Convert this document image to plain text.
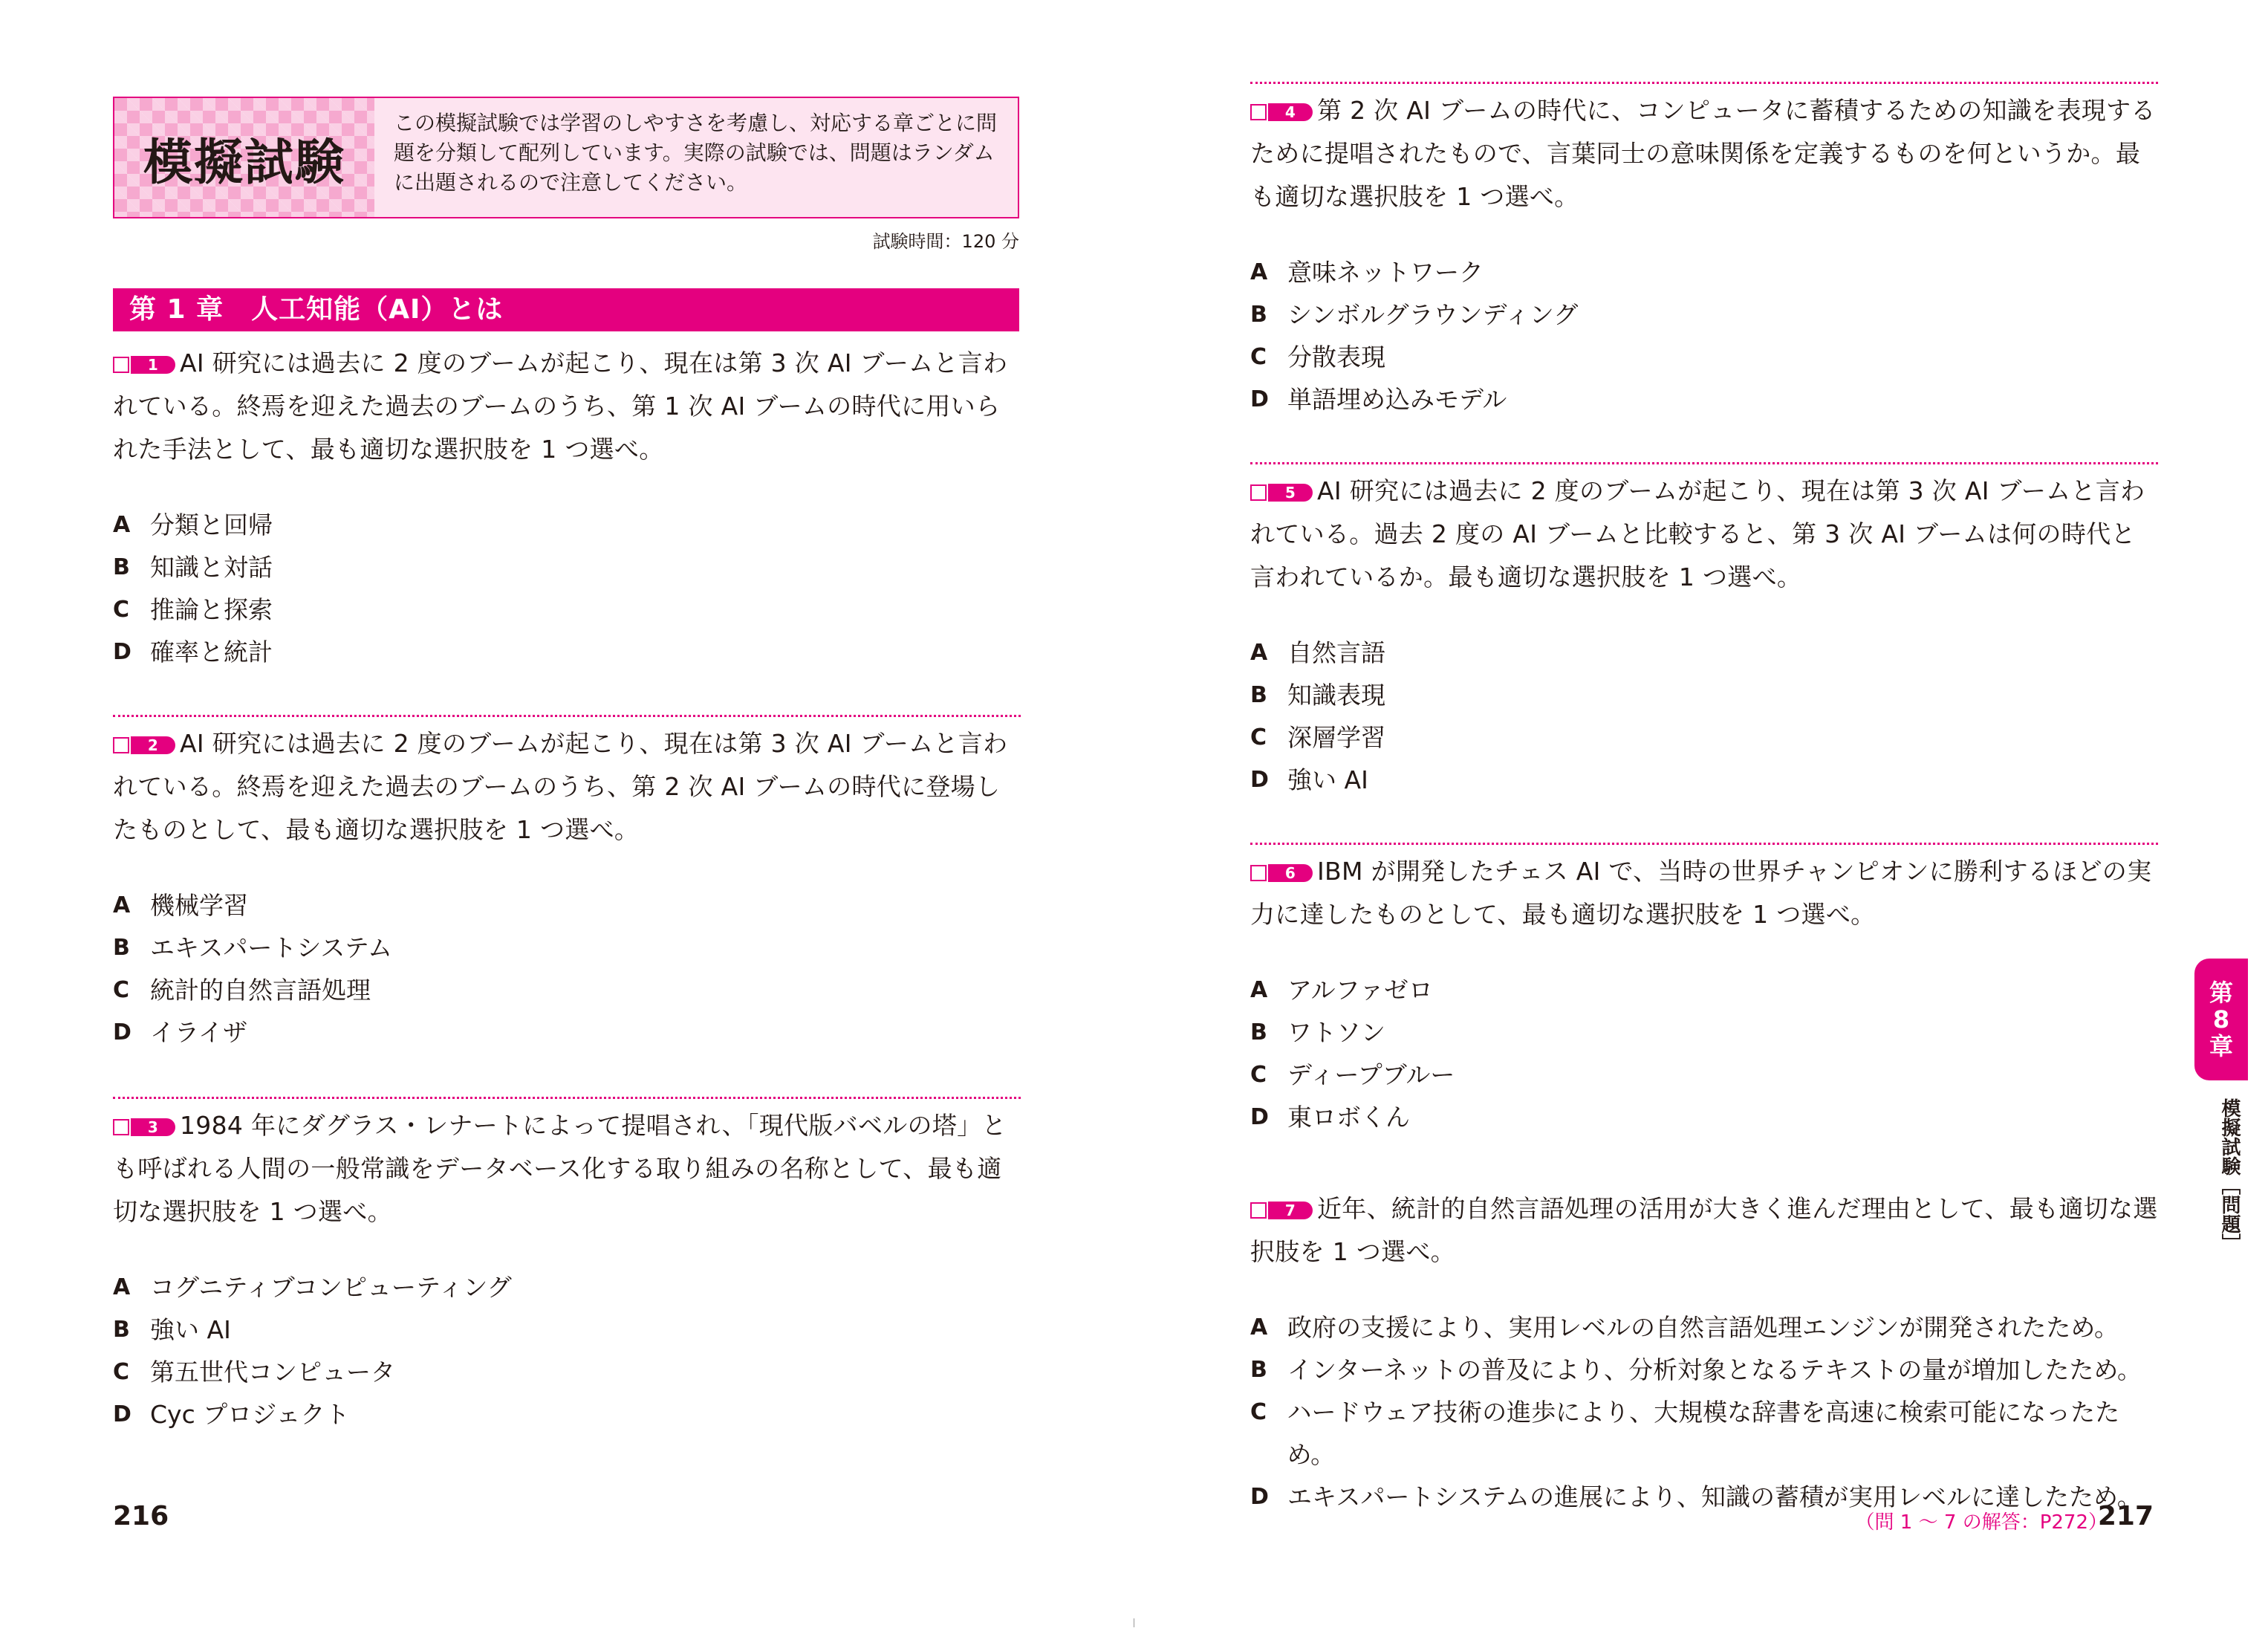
模擬試験
この模擬試験では学習のしやすさを考慮し、対応する章ごとに問題を分類して配列しています。実際の試験では、問題はランダムに出題されるので注意してください。
試験時間：120 分
第 1 章　人工知能（AI）とは

1 AI 研究には過去に 2 度のブームが起こり、現在は第 3 次 AI ブームと言われている。終焉を迎えた過去のブームのうち、第 1 次 AI ブームの時代に用いられた手法として、最も適切な選択肢を 1 つ選べ。

A 分類と回帰
B 知識と対話
C 推論と探索
D 確率と統計

2 AI 研究には過去に 2 度のブームが起こり、現在は第 3 次 AI ブームと言われている。終焉を迎えた過去のブームのうち、第 2 次 AI ブームの時代に登場したものとして、最も適切な選択肢を 1 つ選べ。

A 機械学習
B エキスパートシステム
C 統計的自然言語処理
D イライザ

3 1984 年にダグラス・レナートによって提唱され、「現代版バベルの塔」とも呼ばれる人間の一般常識をデータベース化する取り組みの名称として、最も適切な選択肢を 1 つ選べ。

A コグニティブコンピューティング
B 強い AI
C 第五世代コンピュータ
D Cyc プロジェクト
216

4 第 2 次 AI ブームの時代に、コンピュータに蓄積するための知識を表現するために提唱されたもので、言葉同士の意味関係を定義するものを何というか。最も適切な選択肢を 1 つ選べ。

A 意味ネットワーク
B シンボルグラウンディング
C 分散表現
D 単語埋め込みモデル

5 AI 研究には過去に 2 度のブームが起こり、現在は第 3 次 AI ブームと言われている。過去 2 度の AI ブームと比較すると、第 3 次 AI ブームは何の時代と言われているか。最も適切な選択肢を 1 つ選べ。

A 自然言語
B 知識表現
C 深層学習
D 強い AI

6 IBM が開発したチェス AI で、当時の世界チャンピオンに勝利するほどの実力に達したものとして、最も適切な選択肢を 1 つ選べ。

A アルファゼロ
B ワトソン
C ディープブルー
D 東ロボくん

7 近年、統計的自然言語処理の活用が大きく進んだ理由として、最も適切な選択肢を 1 つ選べ。

A 政府の支援により、実用レベルの自然言語処理エンジンが開発されたため。
B インターネットの普及により、分析対象となるテキストの量が増加したため。
C ハードウェア技術の進歩により、大規模な辞書を高速に検索可能になったため。
D エキスパートシステムの進展により、知識の蓄積が実用レベルに達したため。
（問 1 ～ 7 の解答：P272）
217
第
8
章
模擬試験［問題］
